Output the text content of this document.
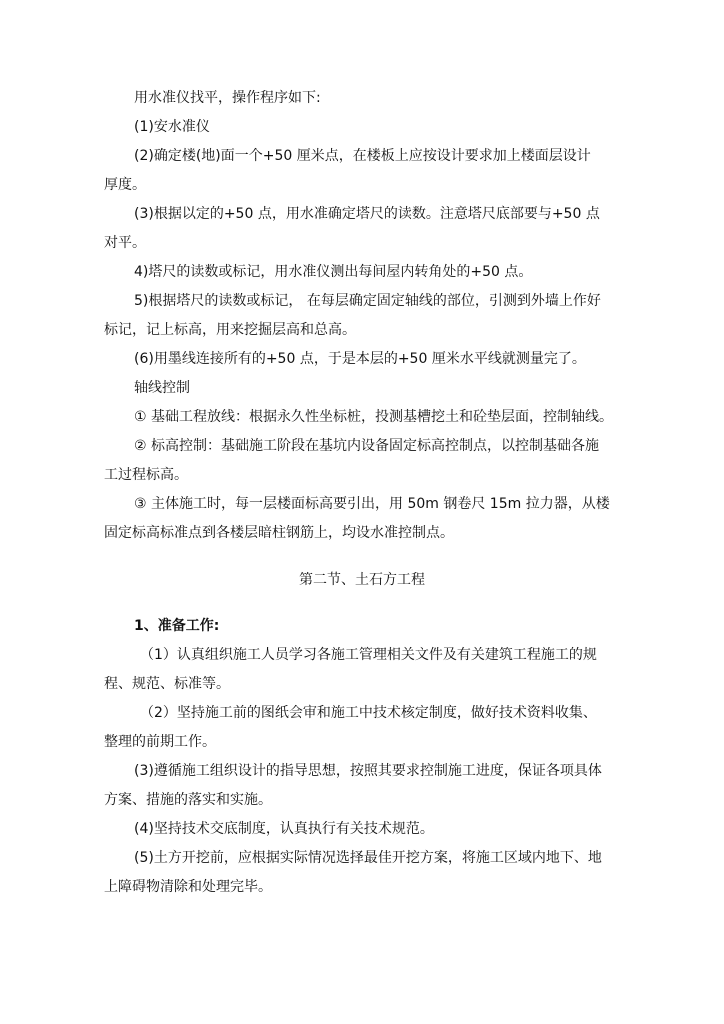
用水准仪找平，操作程序如下:
(1)安水准仪
(2)确定楼(地)面一个+50 厘米点，在楼板上应按设计要求加上楼面层设计
厚度。
(3)根据以定的+50 点，用水准确定塔尺的读数。注意塔尺底部要与+50 点
对平。
4)塔尺的读数或标记，用水准仪测出每间屋内转角处的+50 点。
5)根据塔尺的读数或标记， 在每层确定固定轴线的部位，引测到外墙上作好
标记，记上标高，用来挖掘层高和总高。
(6)用墨线连接所有的+50 点，于是本层的+50 厘米水平线就测量完了。
轴线控制
① 基础工程放线：根据永久性坐标桩，投测基槽挖土和砼垫层面，控制轴线。
② 标高控制：基础施工阶段在基坑内设备固定标高控制点，以控制基础各施
工过程标高。
③ 主体施工时，每一层楼面标高要引出，用 50m 钢卷尺 15m 拉力器，从楼
固定标高标准点到各楼层暗柱钢筋上，均设水准控制点。
第二节、土石方工程
1、准备工作:
（1）认真组织施工人员学习各施工管理相关文件及有关建筑工程施工的规
程、规范、标准等。
（2）坚持施工前的图纸会审和施工中技术核定制度，做好技术资料收集、
整理的前期工作。
(3)遵循施工组织设计的指导思想，按照其要求控制施工进度，保证各项具体
方案、措施的落实和实施。
(4)坚持技术交底制度，认真执行有关技术规范。
(5)土方开挖前，应根据实际情况选择最佳开挖方案，将施工区域内地下、地
上障碍物清除和处理完毕。
